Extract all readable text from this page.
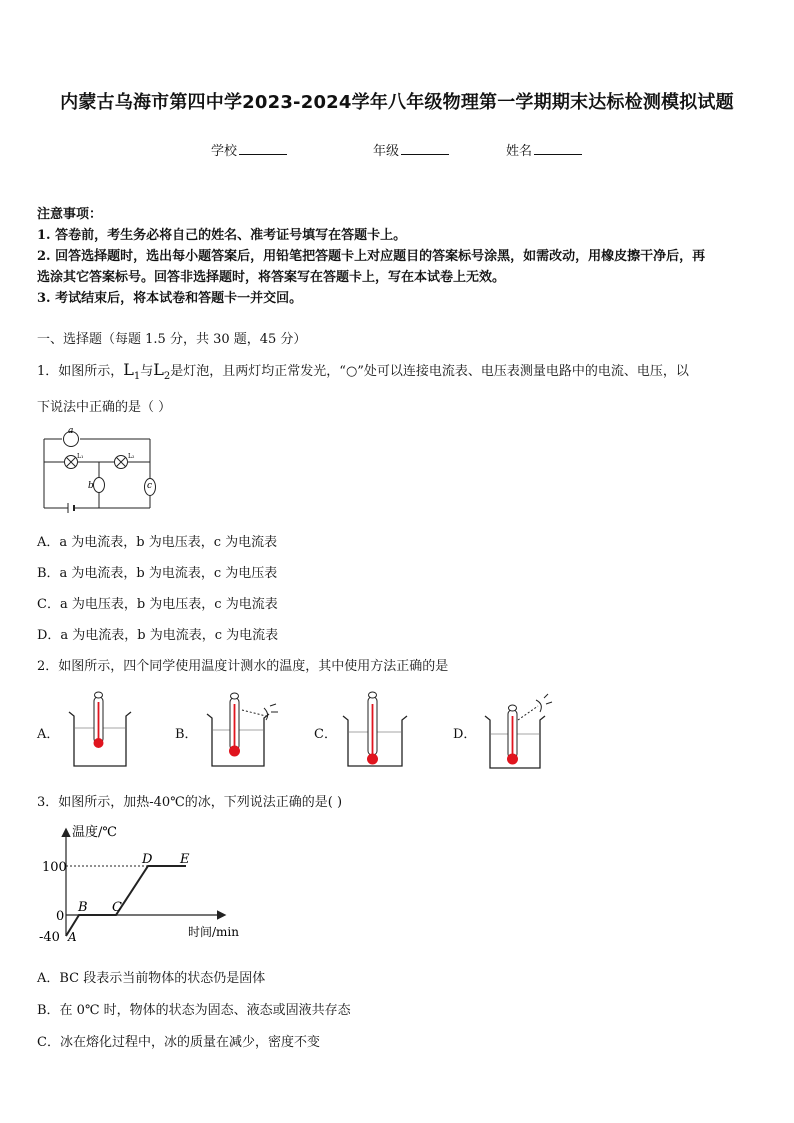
内蒙古乌海市第四中学2023-2024学年八年级物理第一学期期末达标检测模拟试题
学校	年级	姓名
注意事项：
1. 答卷前，考生务必将自己的姓名、准考证号填写在答题卡上。
2. 回答选择题时，选出每小题答案后，用铅笔把答题卡上对应题目的答案标号涂黑，如需改动，用橡皮擦干净后，再
选涂其它答案标号。回答非选择题时，将答案写在答题卡上，写在本试卷上无效。
3. 考试结束后，将本试卷和答题卡一并交回。
一、选择题（每题 1.5 分，共 30 题，45 分）
1．如图所示，$L_1$与$L_2$是灯泡，且两灯均正常发光，“○”处可以连接电流表、电压表测量电路中的电流、电压，以
下说法中正确的是（ ）
a
L₁	L₂
b	c
A．a 为电流表，b 为电压表，c 为电流表
B．a 为电流表，b 为电流表，c 为电压表
C．a 为电压表，b 为电压表，c 为电流表
D．a 为电流表，b 为电流表，c 为电流表
2．如图所示，四个同学使用温度计测水的温度，其中使用方法正确的是
A．	B．	C．	D．
3．如图所示，加热-40℃的冰，下列说法正确的是( )
温度/℃
时间/min
100
0
-40 A
B C
D E
A．BC 段表示当前物体的状态仍是固体
B．在 0℃ 时，物体的状态为固态、液态或固液共存态
C．冰在熔化过程中，冰的质量在减少，密度不变
